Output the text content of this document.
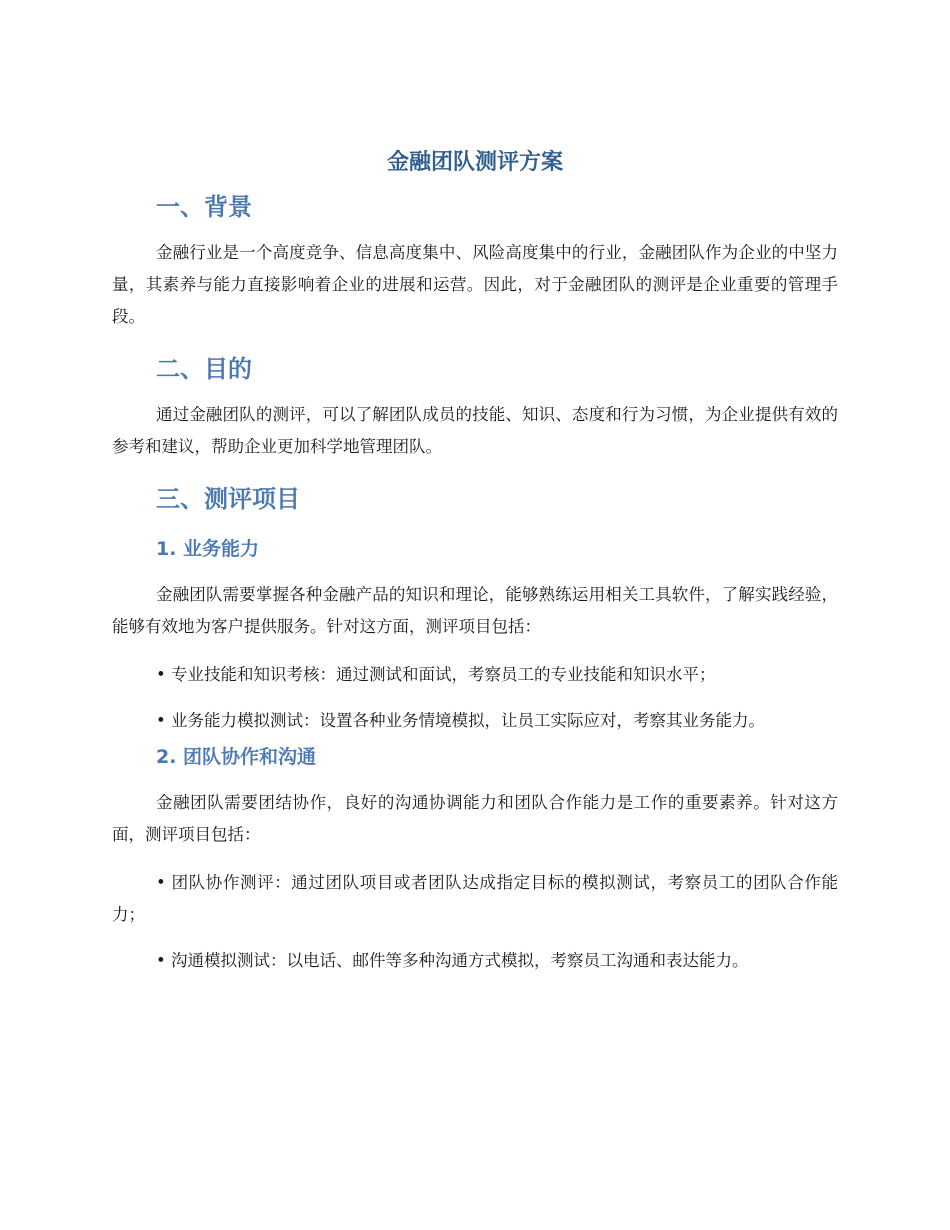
金融团队测评方案
一、背景

金融行业是一个高度竞争、信息高度集中、风险高度集中的行业，金融团队作为企业的中坚力量，其素养与能力直接影响着企业的进展和运营。因此，对于金融团队的测评是企业重要的管理手段。

二、目的

通过金融团队的测评，可以了解团队成员的技能、知识、态度和行为习惯，为企业提供有效的参考和建议，帮助企业更加科学地管理团队。

三、测评项目
1. 业务能力

金融团队需要掌握各种金融产品的知识和理论，能够熟练运用相关工具软件，了解实践经验，能够有效地为客户提供服务。针对这方面，测评项目包括：

• 专业技能和知识考核：通过测试和面试，考察员工的专业技能和知识水平；

• 业务能力模拟测试：设置各种业务情境模拟，让员工实际应对，考察其业务能力。

2. 团队协作和沟通

金融团队需要团结协作，良好的沟通协调能力和团队合作能力是工作的重要素养。针对这方面，测评项目包括：

• 团队协作测评：通过团队项目或者团队达成指定目标的模拟测试，考察员工的团队合作能力；

• 沟通模拟测试：以电话、邮件等多种沟通方式模拟，考察员工沟通和表达能力。
